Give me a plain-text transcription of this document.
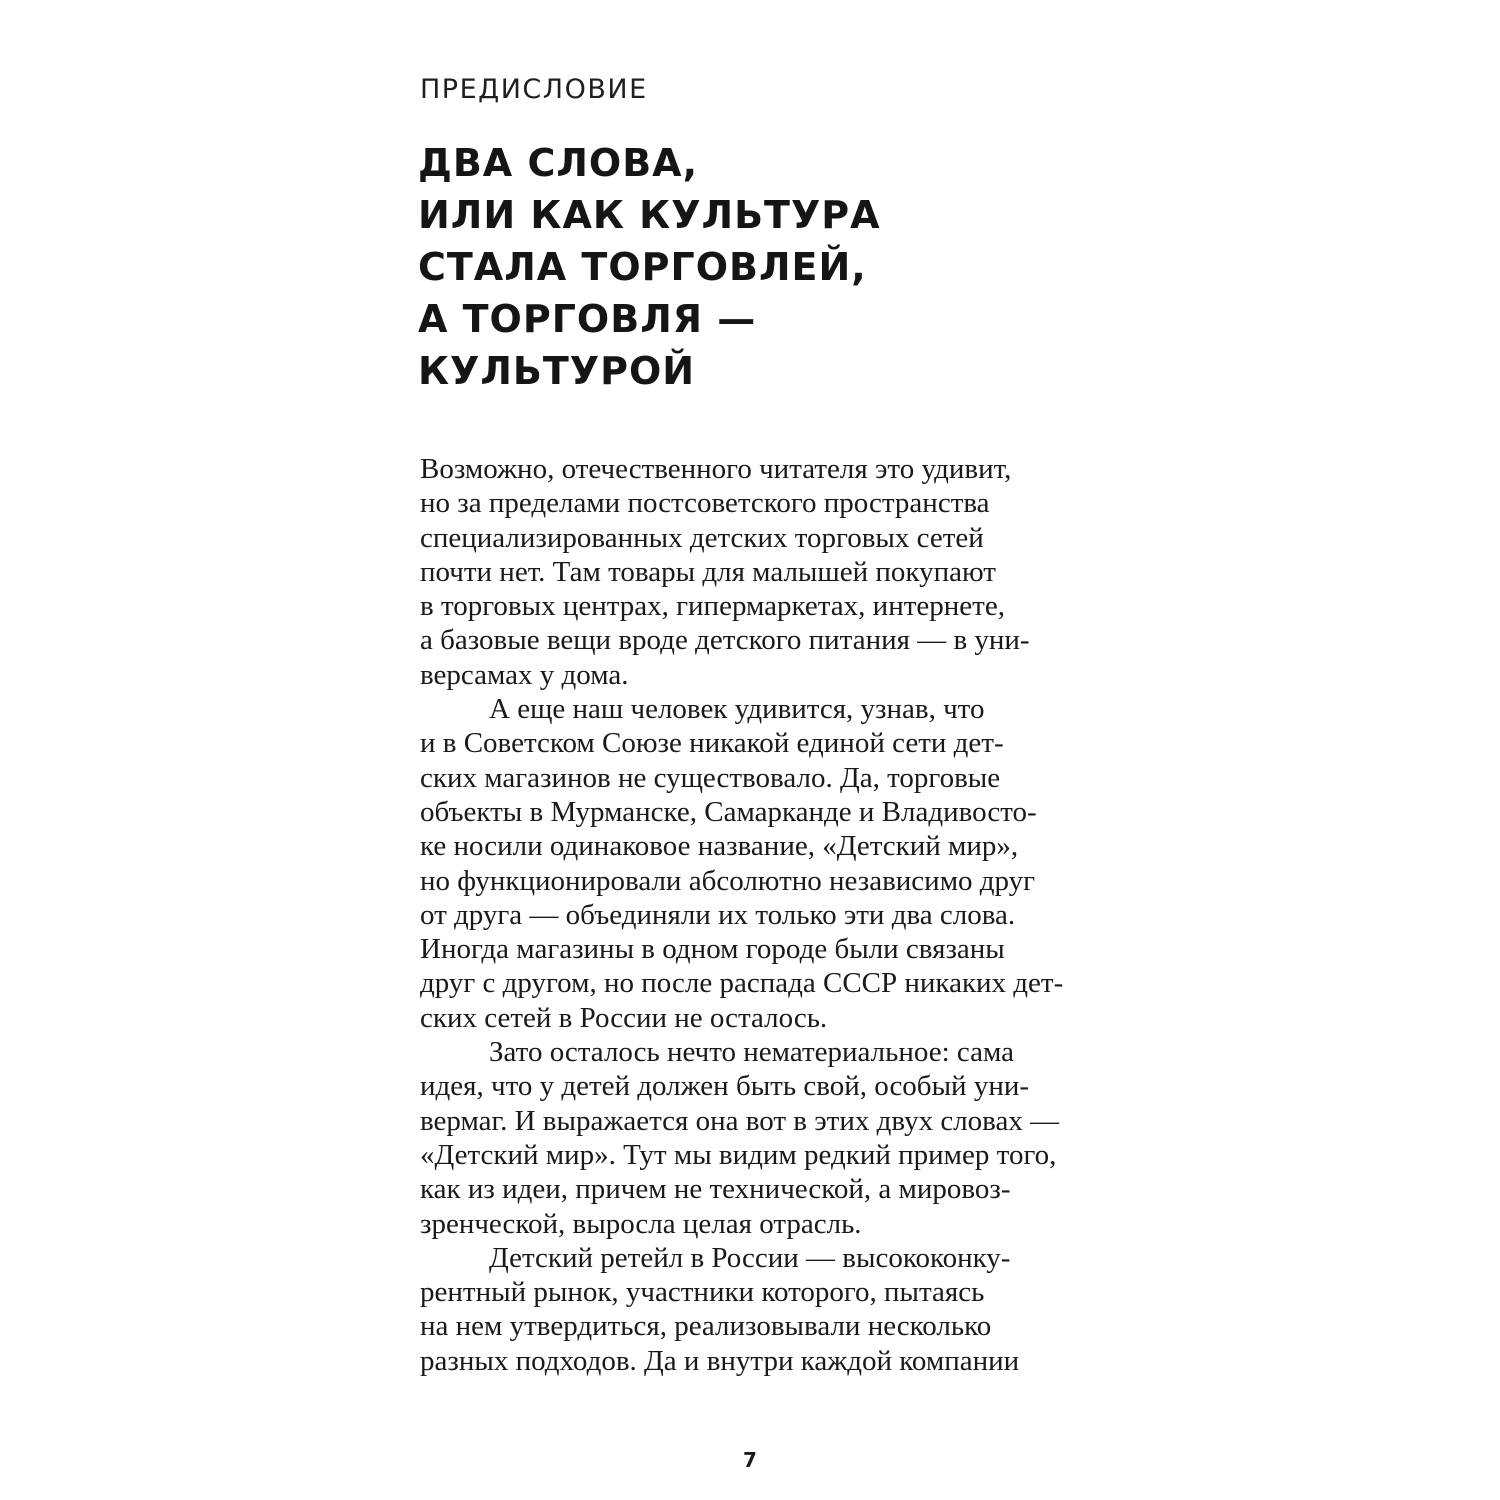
ПРЕДИСЛОВИЕ
ДВА СЛОВА,
ИЛИ КАК КУЛЬТУРА
СТАЛА ТОРГОВЛЕЙ,
А ТОРГОВЛЯ —
КУЛЬТУРОЙ
Возможно, отечественного читателя это удивит,
но за пределами постсоветского пространства
специализированных детских торговых сетей
почти нет. Там товары для малышей покупают
в торговых центрах, гипермаркетах, интернете,
а базовые вещи вроде детского питания — в уни-
версамах у дома.
А еще наш человек удивится, узнав, что
и в Советском Союзе никакой единой сети дет-
ских магазинов не существовало. Да, торговые
объекты в Мурманске, Самарканде и Владивосто-
ке носили одинаковое название, «Детский мир»,
но функционировали абсолютно независимо друг
от друга — объединяли их только эти два слова.
Иногда магазины в одном городе были связаны
друг с другом, но после распада СССР никаких дет-
ских сетей в России не осталось.
Зато осталось нечто нематериальное: сама
идея, что у детей должен быть свой, особый уни-
вермаг. И выражается она вот в этих двух словах —
«Детский мир». Тут мы видим редкий пример того,
как из идеи, причем не технической, а мировоз-
зренческой, выросла целая отрасль.
Детский ретейл в России — высококонку-
рентный рынок, участники которого, пытаясь
на нем утвердиться, реализовывали несколько
разных подходов. Да и внутри каждой компании
7
